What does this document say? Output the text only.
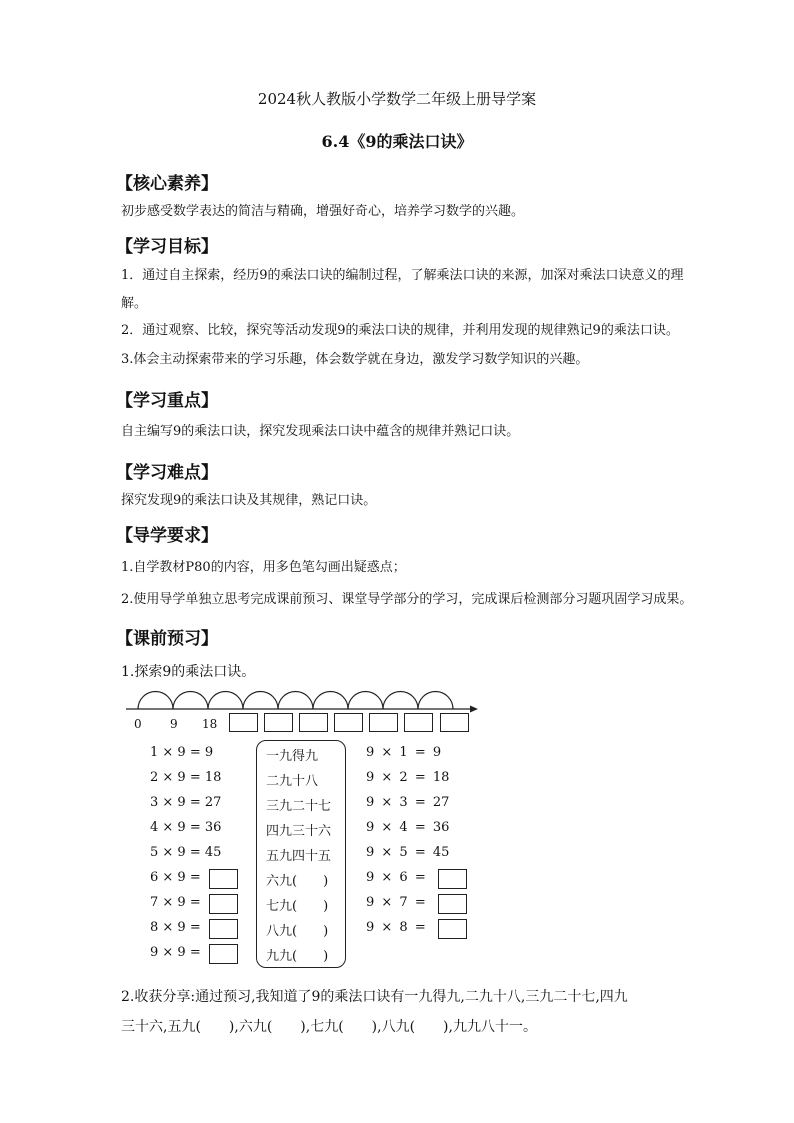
2024秋人教版小学数学二年级上册导学案
6.4《9的乘法口诀》
【核心素养】
初步感受数学表达的简洁与精确，增强好奇心，培养学习数学的兴趣。
【学习目标】
1．通过自主探索，经历9的乘法口诀的编制过程，了解乘法口诀的来源，加深对乘法口诀意义的理
解。
2．通过观察、比较，探究等活动发现9的乘法口诀的规律，并利用发现的规律熟记9的乘法口诀。
3.体会主动探索带来的学习乐趣，体会数学就在身边，激发学习数学知识的兴趣。
【学习重点】
自主编写9的乘法口诀，探究发现乘法口诀中蕴含的规律并熟记口诀。
【学习难点】
探究发现9的乘法口诀及其规律，熟记口诀。
【导学要求】
1.自学教材P80的内容，用多色笔勾画出疑惑点；
2.使用导学单独立思考完成课前预习、课堂导学部分的学习，完成课后检测部分习题巩固学习成果。
【课前预习】
1.探索9的乘法口诀。
0 9 18
1 × 9 = 9
2 × 9 = 18
3 × 9 = 27
4 × 9 = 36
5 × 9 = 45
6 × 9 =
7 × 9 =
8 × 9 =
9 × 9 =
一九得九
二九十八
三九二十七
四九三十六
五九四十五
六九(　　)
七九(　　)
八九(　　)
九九(　　)
9 × 1 = 9
9 × 2 = 18
9 × 3 = 27
9 × 4 = 36
9 × 5 = 45
9 × 6 =
9 × 7 =
9 × 8 =
2.收获分享:通过预习,我知道了9的乘法口诀有一九得九,二九十八,三九二十七,四九
三十六,五九(　　),六九(　　),七九(　　),八九(　　),九九八十一。
